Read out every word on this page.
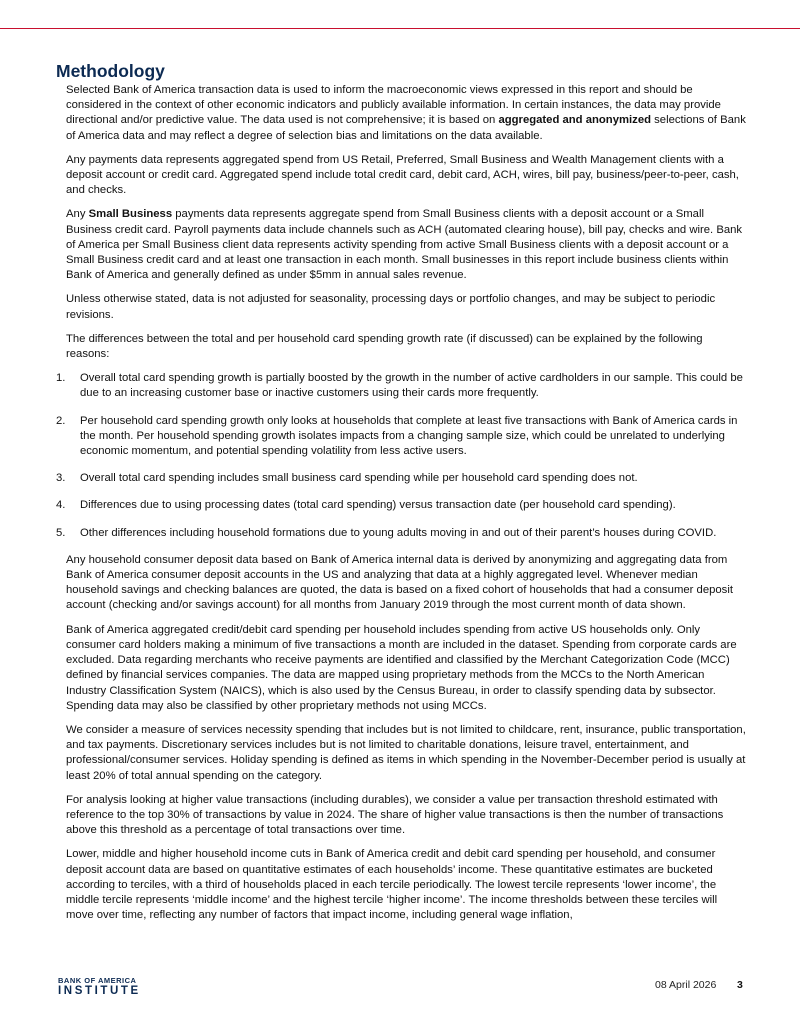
Methodology

Selected Bank of America transaction data is used to inform the macroeconomic views expressed in this report and should be considered in the context of other economic indicators and publicly available information. In certain instances, the data may provide directional and/or predictive value. The data used is not comprehensive; it is based on aggregated and anonymized selections of Bank of America data and may reflect a degree of selection bias and limitations on the data available.

Any payments data represents aggregated spend from US Retail, Preferred, Small Business and Wealth Management clients with a deposit account or credit card. Aggregated spend include total credit card, debit card, ACH, wires, bill pay, business/peer-to-peer, cash, and checks.

Any Small Business payments data represents aggregate spend from Small Business clients with a deposit account or a Small Business credit card. Payroll payments data include channels such as ACH (automated clearing house), bill pay, checks and wire. Bank of America per Small Business client data represents activity spending from active Small Business clients with a deposit account or a Small Business credit card and at least one transaction in each month. Small businesses in this report include business clients within Bank of America and generally defined as under $5mm in annual sales revenue.

Unless otherwise stated, data is not adjusted for seasonality, processing days or portfolio changes, and may be subject to periodic revisions.

The differences between the total and per household card spending growth rate (if discussed) can be explained by the following reasons:

1. Overall total card spending growth is partially boosted by the growth in the number of active cardholders in our sample. This could be due to an increasing customer base or inactive customers using their cards more frequently.
2. Per household card spending growth only looks at households that complete at least five transactions with Bank of America cards in the month. Per household spending growth isolates impacts from a changing sample size, which could be unrelated to underlying economic momentum, and potential spending volatility from less active users.
3. Overall total card spending includes small business card spending while per household card spending does not.
4. Differences due to using processing dates (total card spending) versus transaction date (per household card spending).
5. Other differences including household formations due to young adults moving in and out of their parent’s houses during COVID.

Any household consumer deposit data based on Bank of America internal data is derived by anonymizing and aggregating data from Bank of America consumer deposit accounts in the US and analyzing that data at a highly aggregated level. Whenever median household savings and checking balances are quoted, the data is based on a fixed cohort of households that had a consumer deposit account (checking and/or savings account) for all months from January 2019 through the most current month of data shown.

Bank of America aggregated credit/debit card spending per household includes spending from active US households only. Only consumer card holders making a minimum of five transactions a month are included in the dataset. Spending from corporate cards are excluded. Data regarding merchants who receive payments are identified and classified by the Merchant Categorization Code (MCC) defined by financial services companies. The data are mapped using proprietary methods from the MCCs to the North American Industry Classification System (NAICS), which is also used by the Census Bureau, in order to classify spending data by subsector. Spending data may also be classified by other proprietary methods not using MCCs.

We consider a measure of services necessity spending that includes but is not limited to childcare, rent, insurance, public transportation, and tax payments. Discretionary services includes but is not limited to charitable donations, leisure travel, entertainment, and professional/consumer services. Holiday spending is defined as items in which spending in the November-December period is usually at least 20% of total annual spending on the category.

For analysis looking at higher value transactions (including durables), we consider a value per transaction threshold estimated with reference to the top 30% of transactions by value in 2024. The share of higher value transactions is then the number of transactions above this threshold as a percentage of total transactions over time.

Lower, middle and higher household income cuts in Bank of America credit and debit card spending per household, and consumer deposit account data are based on quantitative estimates of each households’ income. These quantitative estimates are bucketed according to terciles, with a third of households placed in each tercile periodically. The lowest tercile represents ‘lower income’, the middle tercile represents ‘middle income’ and the highest tercile ‘higher income’. The income thresholds between these terciles will move over time, reflecting any number of factors that impact income, including general wage inflation,

BANK OF AMERICA
INSTITUTE	08 April 2026 3
